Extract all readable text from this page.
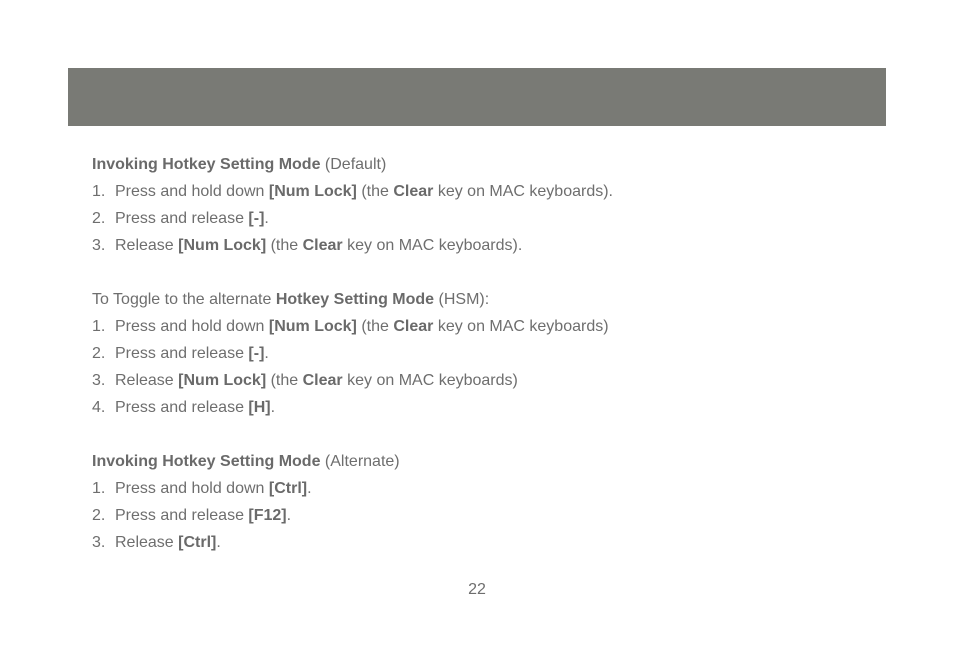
Invoking Hotkey Setting Mode (Default)
1. Press and hold down [Num Lock] (the Clear key on MAC keyboards).
2. Press and release [-].
3. Release [Num Lock] (the Clear key on MAC keyboards).
To Toggle to the alternate Hotkey Setting Mode (HSM):
1. Press and hold down [Num Lock] (the Clear key on MAC keyboards)
2. Press and release [-].
3. Release [Num Lock] (the Clear key on MAC keyboards)
4. Press and release [H].
Invoking Hotkey Setting Mode (Alternate)
1. Press and hold down [Ctrl].
2. Press and release [F12].
3. Release [Ctrl].
22
